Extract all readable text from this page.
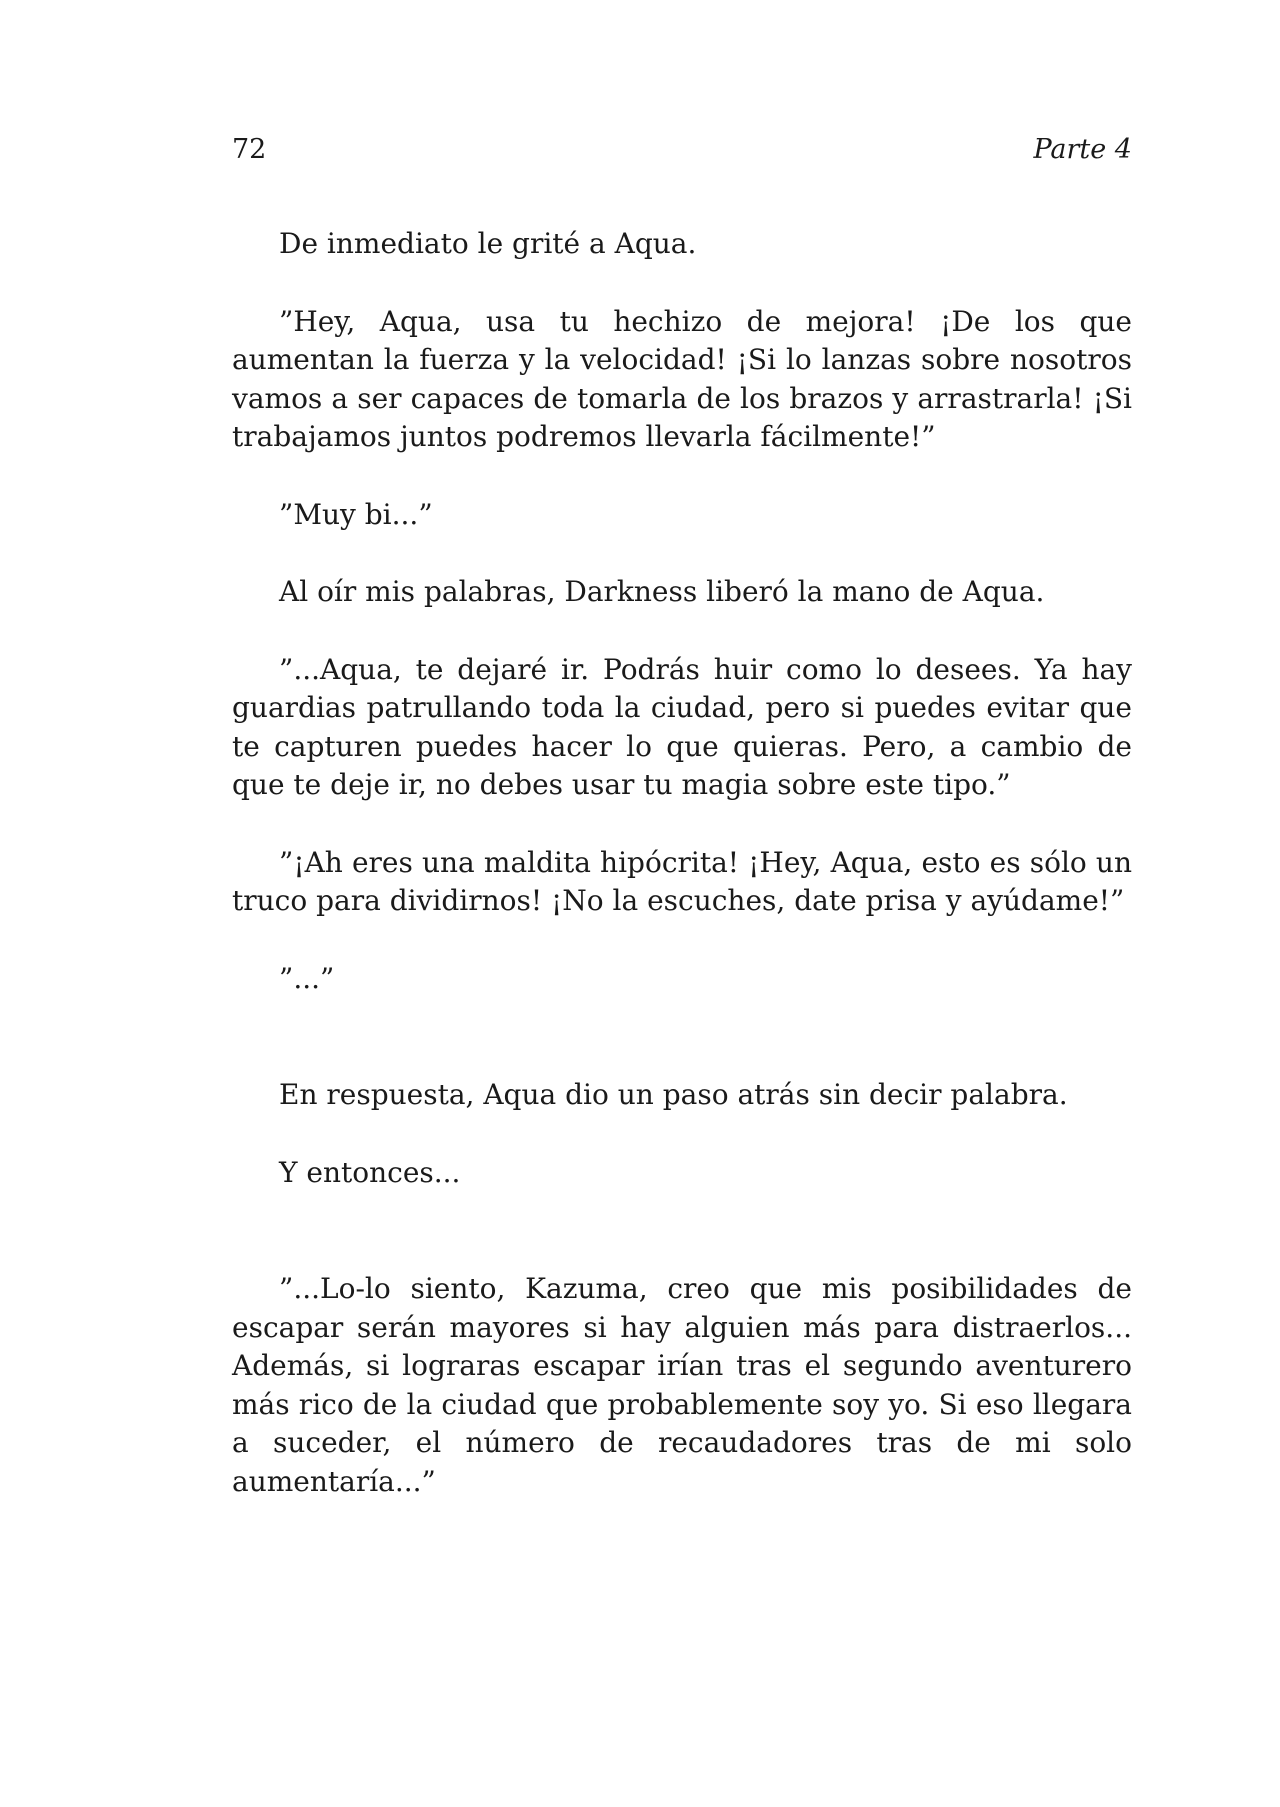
72	Parte 4

De inmediato le grité a Aqua.

”Hey, Aqua, usa tu hechizo de mejora! ¡De los que aumentan la fuerza y la velocidad! ¡Si lo lanzas sobre nosotros vamos a ser capaces de tomarla de los brazos y arrastrarla! ¡Si trabajamos juntos podremos llevarla fácilmente!”

”Muy bi...”

Al oír mis palabras, Darkness liberó la mano de Aqua.

”...Aqua, te dejaré ir. Podrás huir como lo desees. Ya hay guardias patrullando toda la ciudad, pero si puedes evitar que te capturen puedes hacer lo que quieras. Pero, a cambio de que te deje ir, no debes usar tu magia sobre este tipo.”

”¡Ah eres una maldita hipócrita! ¡Hey, Aqua, esto es sólo un truco para dividirnos! ¡No la escuches, date prisa y ayúdame!”

”...”

En respuesta, Aqua dio un paso atrás sin decir palabra.

Y entonces...

”...Lo-lo siento, Kazuma, creo que mis posibilidades de escapar serán mayores si hay alguien más para distraerlos... Además, si lograras escapar irían tras el segundo aventurero más rico de la ciudad que probablemente soy yo. Si eso llegara a suceder, el número de recaudadores tras de mi solo aumentaría...”
